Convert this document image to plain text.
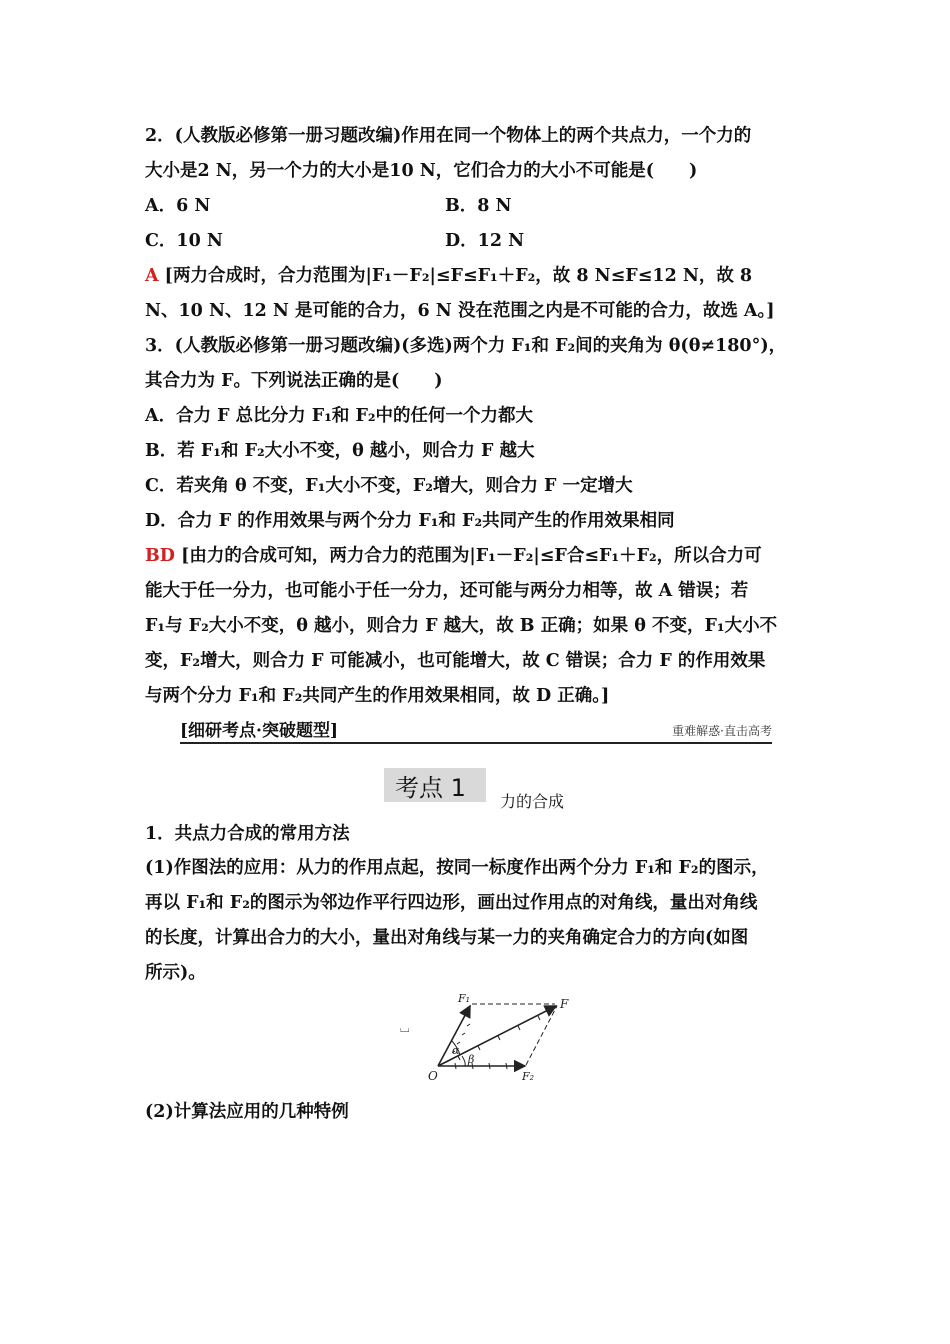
2．(人教版必修第一册习题改编)作用在同一个物体上的两个共点力，一个力的
大小是2 N，另一个力的大小是10 N，它们合力的大小不可能是(　　)
A．6 N	B．8 N
C．10 N	D．12 N
A [两力合成时，合力范围为|F₁－F₂|≤F≤F₁＋F₂，故 8 N≤F≤12 N，故 8
N、10 N、12 N 是可能的合力，6 N 没在范围之内是不可能的合力，故选 A。]
3．(人教版必修第一册习题改编)(多选)两个力 F₁和 F₂间的夹角为 θ(θ≠180°)，
其合力为 F。下列说法正确的是(　　)
A．合力 F 总比分力 F₁和 F₂中的任何一个力都大
B．若 F₁和 F₂大小不变，θ 越小，则合力 F 越大
C．若夹角 θ 不变，F₁大小不变，F₂增大，则合力 F 一定增大
D．合力 F 的作用效果与两个分力 F₁和 F₂共同产生的作用效果相同
BD [由力的合成可知，两力合力的范围为|F₁－F₂|≤F合≤F₁＋F₂，所以合力可
能大于任一分力，也可能小于任一分力，还可能与两分力相等，故 A 错误；若
F₁与 F₂大小不变，θ 越小，则合力 F 越大，故 B 正确；如果 θ 不变，F₁大小不
变，F₂增大，则合力 F 可能减小，也可能增大，故 C 错误；合力 F 的作用效果
与两个分力 F₁和 F₂共同产生的作用效果相同，故 D 正确。]
[细研考点·突破题型]	重难解惑·直击高考
考点 1 力的合成
1．共点力合成的常用方法
(1)作图法的应用：从力的作用点起，按同一标度作出两个分力 F₁和 F₂的图示，
再以 F₁和 F₂的图示为邻边作平行四边形，画出过作用点的对角线，量出对角线
的长度，计算出合力的大小，量出对角线与某一力的夹角确定合力的方向(如图
所示)。
⌴
O
F₁
F₂
F
α
β
(2)计算法应用的几种特例
